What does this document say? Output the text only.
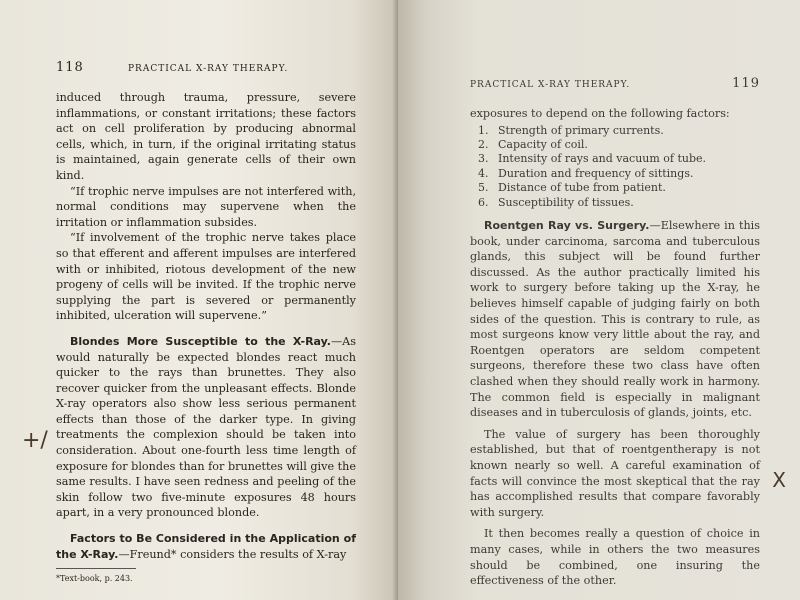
118	PRACTICAL X-RAY THERAPY.

induced through trauma, pressure, severe inflammations, or constant irritations; these factors act on cell proliferation by producing abnormal cells, which, in turn, if the original irritating status is maintained, again generate cells of their own kind.

“If trophic nerve impulses are not interfered with, normal conditions may supervene when the irritation or inflammation subsides.

“If involvement of the trophic nerve takes place so that efferent and afferent impulses are interfered with or inhibited, riotous development of the new progeny of cells will be invited. If the trophic nerve supplying the part is severed or permanently inhibited, ulceration will supervene.”

Blondes More Susceptible to the X-Ray.—As would naturally be expected blondes react much quicker to the rays than brunettes. They also recover quicker from the unpleasant effects. Blonde X-ray operators also show less serious permanent effects than those of the darker type. In giving treatments the complexion should be taken into consideration. About one-fourth less time length of exposure for blondes than for brunettes will give the same results. I have seen redness and peeling of the skin follow two five-minute exposures 48 hours apart, in a very pronounced blonde.

Factors to Be Considered in the Application of the X-Ray.—Freund* considers the results of X-ray

*Text-book, p. 243.
+/
PRACTICAL X-RAY THERAPY.	119

exposures to depend on the following factors:

1. Strength of primary currents.
2. Capacity of coil.
3. Intensity of rays and vacuum of tube.
4. Duration and frequency of sittings.
5. Distance of tube from patient.
6. Susceptibility of tissues.

Roentgen Ray vs. Surgery.—Elsewhere in this book, under carcinoma, sarcoma and tuberculous glands, this subject will be found further discussed. As the author practically limited his work to surgery before taking up the X-ray, he believes himself capable of judging fairly on both sides of the question. This is contrary to rule, as most surgeons know very little about the ray, and Roentgen operators are seldom competent surgeons, therefore these two class have often clashed when they should really work in harmony. The common field is especially in malignant diseases and in tuberculosis of glands, joints, etc.

The value of surgery has been thoroughly established, but that of roentgentherapy is not known nearly so well. A careful examination of facts will convince the most skeptical that the ray has accomplished results that compare favorably with surgery.

It then becomes really a question of choice in many cases, while in others the two measures should be combined, one insuring the effectiveness of the other.

X
